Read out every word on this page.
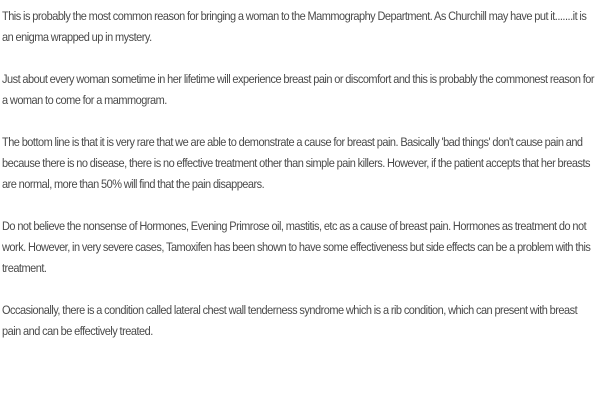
This is probably the most common reason for bringing a woman to the Mammography Department. As Churchill may have put it.......it is an enigma wrapped up in mystery.

Just about every woman sometime in her lifetime will experience breast pain or discomfort and this is probably the commonest reason for a woman to come for a mammogram.

The bottom line is that it is very rare that we are able to demonstrate a cause for breast pain. Basically 'bad things' don't cause pain and because there is no disease, there is no effective treatment other than simple pain killers. However, if the patient accepts that her breasts are normal, more than 50% will find that the pain disappears.

Do not believe the nonsense of Hormones, Evening Primrose oil, mastitis, etc as a cause of breast pain. Hormones as treatment do not work. However, in very severe cases, Tamoxifen has been shown to have some effectiveness but side effects can be a problem with this treatment.

Occasionally, there is a condition called lateral chest wall tenderness syndrome which is a rib condition, which can present with breast pain and can be effectively treated.
